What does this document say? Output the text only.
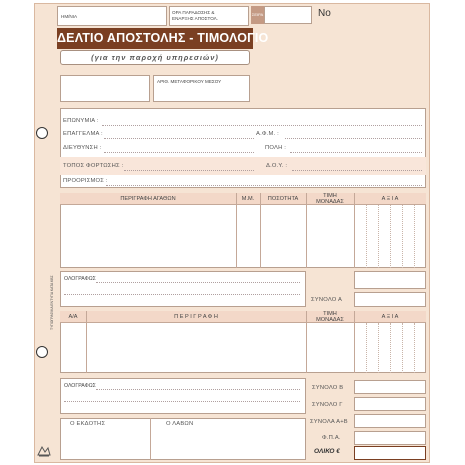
ΤΥΠΟΓΡΑΦΙΚΑ ΕΝΤΥΠΑ ΚΑΤΑ ΚΒΣ
ΗΜ/ΝΙΑ
ΟΡΑ ΠΑΡΑΔΟΣΗΣ &
ΕΝΑΡΞΗΣ ΑΠΟΣΤΟΛ.
ΣΕΙΡΑ	No
ΔΕΛΤΙΟ ΑΠΟΣΤΟΛΗΣ - ΤΙΜΟΛΟΓΙΟ
(για την παροχή υπηρεσιών)
ΑΡΙΘ. ΜΕΤΑΦΟΡΙΚΟΥ ΜΕΣΟΥ
ΕΠΩΝΥΜΙΑ :
ΕΠΑΓΓΕΛΜΑ :	Α.Φ.Μ. :
ΔΙΕΥΘΥΝΣΗ :	ΠΟΛΗ :
ΤΟΠΟΣ ΦΟΡΤΩΣΗΣ :	Δ.Ο.Υ. :
ΠΡΟΟΡΙΣΜΟΣ :
ΠΕΡΙΓΡΑΦΗ ΑΓΑΘΩΝ	Μ.Μ.	ΠΟΣΟΤΗΤΑ	ΤΙΜΗ
ΜΟΝΑΔΑΣ	Α Ξ Ι Α
ΟΛΟΓΡΑΦΩΣ
ΣΥΝΟΛΟ Α
Α/Α	Π Ε Ρ Ι Γ Ρ Α Φ Η	ΤΙΜΗ
ΜΟΝΑΔΑΣ	Α Ξ Ι Α
ΟΛΟΓΡΑΦΩΣ
Ο ΕΚΔΟΤΗΣ	Ο ΛΑΒΩΝ
ΣΥΝΟΛΟ Β
ΣΥΝΟΛΟ Γ
ΣΥΝΟΛΑ Α+Β
Φ.Π.Α.
ΟΛΙΚΟ €
